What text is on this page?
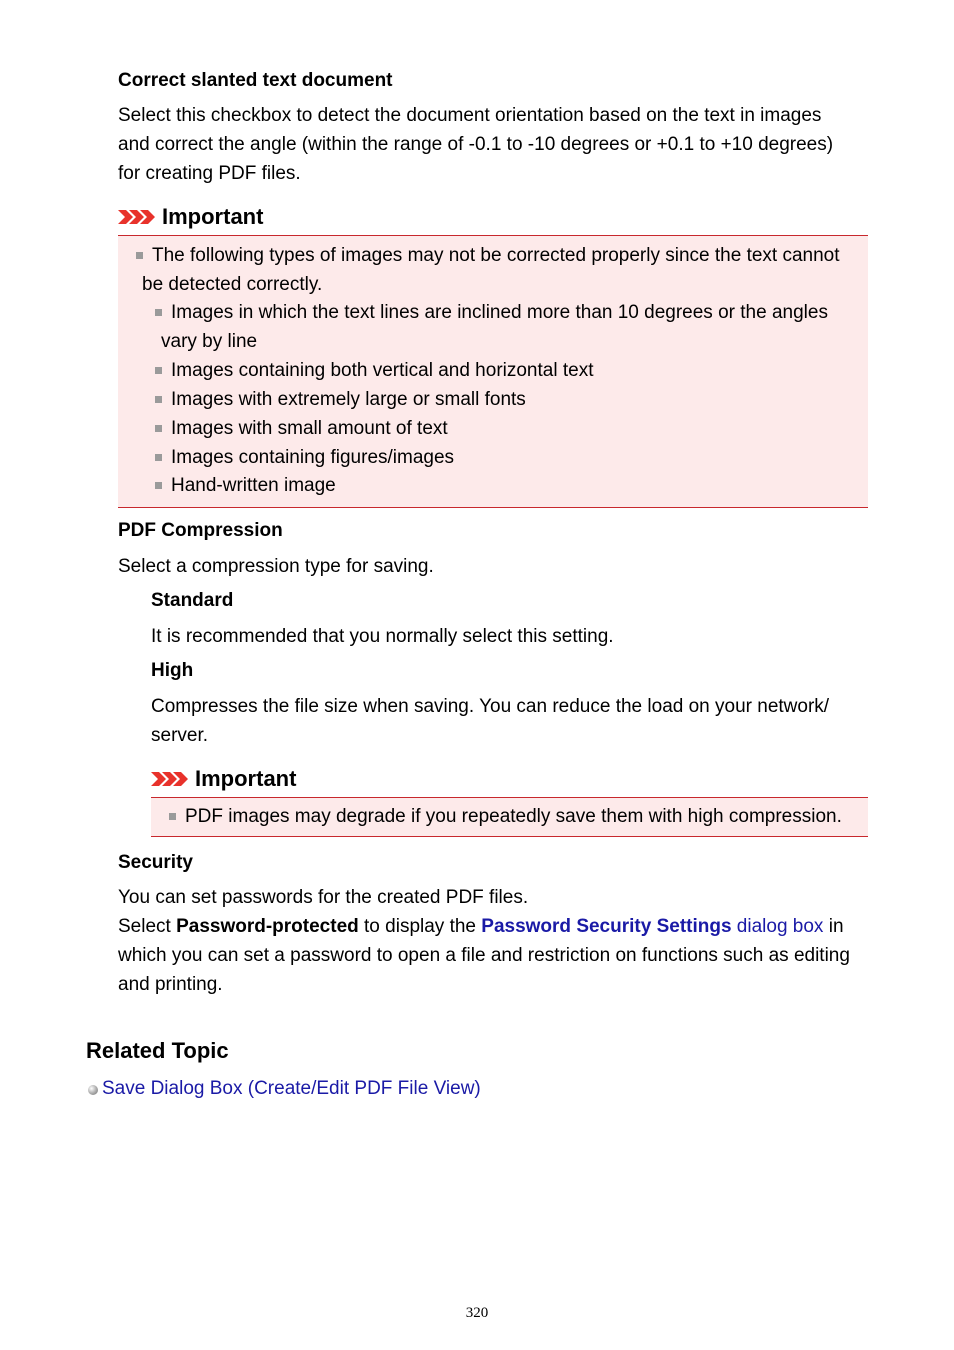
Correct slanted text document
Select this checkbox to detect the document orientation based on the text in images
and correct the angle (within the range of -0.1 to -10 degrees or +0.1 to +10 degrees)
for creating PDF files.
Important
The following types of images may not be corrected properly since the text cannot
be detected correctly.
Images in which the text lines are inclined more than 10 degrees or the angles
vary by line
Images containing both vertical and horizontal text
Images with extremely large or small fonts
Images with small amount of text
Images containing figures/images
Hand-written image
PDF Compression
Select a compression type for saving.
Standard
It is recommended that you normally select this setting.
High
Compresses the file size when saving. You can reduce the load on your network/
server.
Important
PDF images may degrade if you repeatedly save them with high compression.
Security
You can set passwords for the created PDF files.
Select Password-protected to display the Password Security Settings dialog box in
which you can set a password to open a file and restriction on functions such as editing
and printing.
Related Topic
Save Dialog Box (Create/Edit PDF File View)
320
